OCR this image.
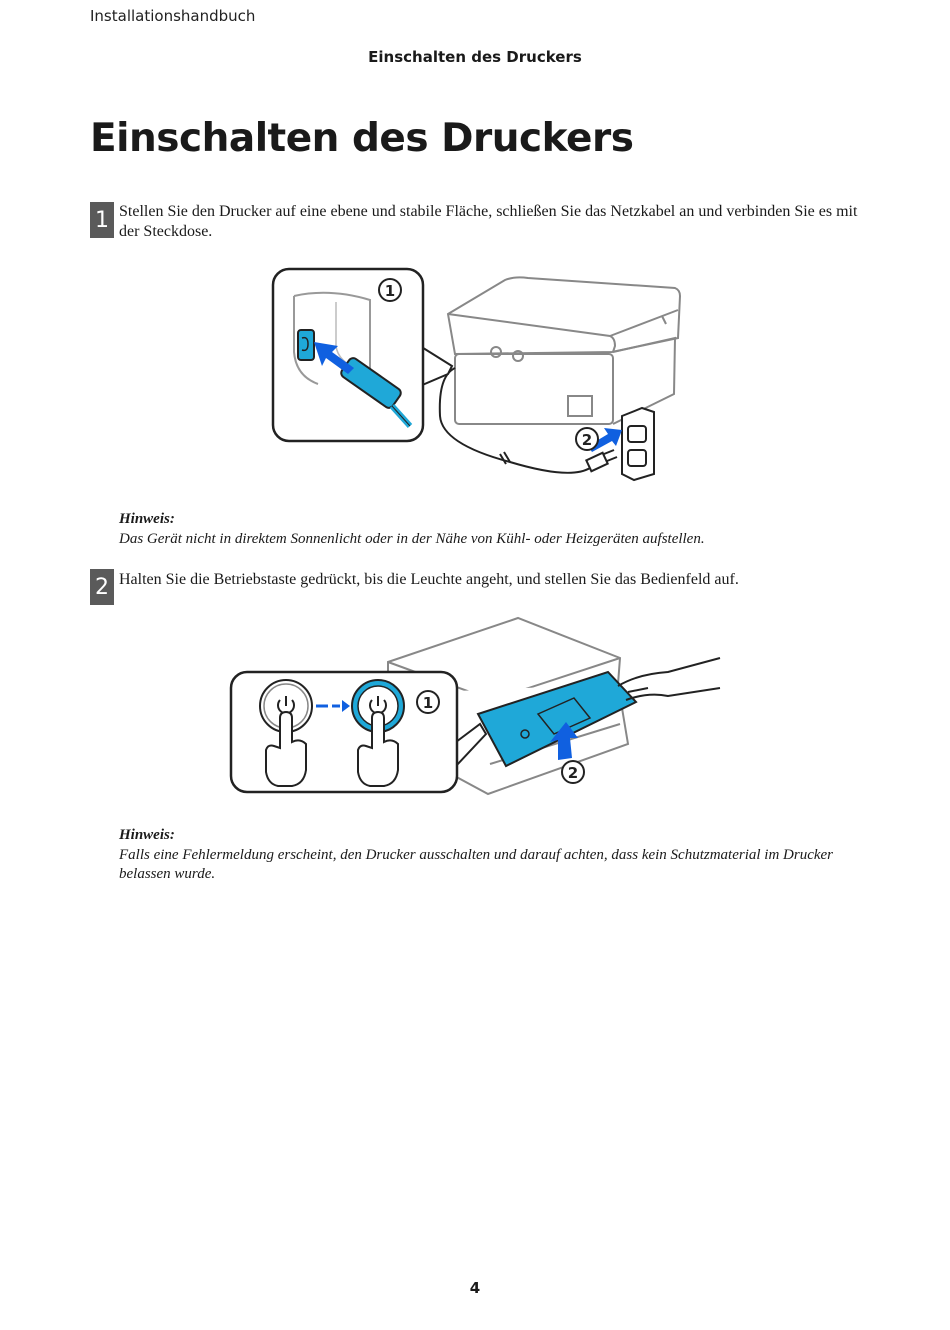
Installationshandbuch
Einschalten des Druckers
Einschalten des Druckers
1 Stellen Sie den Drucker auf eine ebene und stabile Fläche, schließen Sie das Netzkabel an und verbinden Sie es mit der Steckdose.
2
1
Hinweis:
Das Gerät nicht in direktem Sonnenlicht oder in der Nähe von Kühl- oder Heizgeräten aufstellen.
2 Halten Sie die Betriebstaste gedrückt, bis die Leuchte angeht, und stellen Sie das Bedienfeld auf.
2
1
Hinweis:
Falls eine Fehlermeldung erscheint, den Drucker ausschalten und darauf achten, dass kein Schutzmaterial im Drucker belassen wurde.
4
